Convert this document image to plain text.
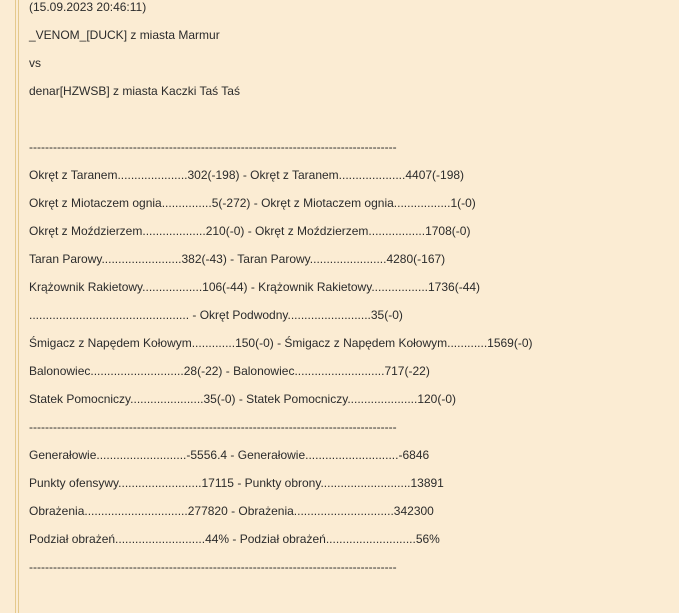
(15.09.2023 20:46:11)
_VENOM_[DUCK] z miasta Marmur
vs
denar[HZWSB] z miasta Kaczki Taś Taś
--------------------------------------------------------------------------------------------
Okręt z Taranem.....................302(-198) - Okręt z Taranem....................4407(-198)
Okręt z Miotaczem ognia...............5(-272) - Okręt z Miotaczem ognia.................1(-0)
Okręt z Moździerzem...................210(-0) - Okręt z Moździerzem.................1708(-0)
Taran Parowy........................382(-43) - Taran Parowy.......................4280(-167)
Krążownik Rakietowy..................106(-44) - Krążownik Rakietowy.................1736(-44)
................................................ - Okręt Podwodny.........................35(-0)
Śmigacz z Napędem Kołowym.............150(-0) - Śmigacz z Napędem Kołowym............1569(-0)
Balonowiec............................28(-22) - Balonowiec...........................717(-22)
Statek Pomocniczy......................35(-0) - Statek Pomocniczy.....................120(-0)
--------------------------------------------------------------------------------------------
Generałowie...........................-5556.4 - Generałowie............................-6846
Punkty ofensywy.........................17115 - Punkty obrony...........................13891
Obrażenia...............................277820 - Obrażenia..............................342300
Podział obrażeń...........................44% - Podział obrażeń...........................56%
--------------------------------------------------------------------------------------------
